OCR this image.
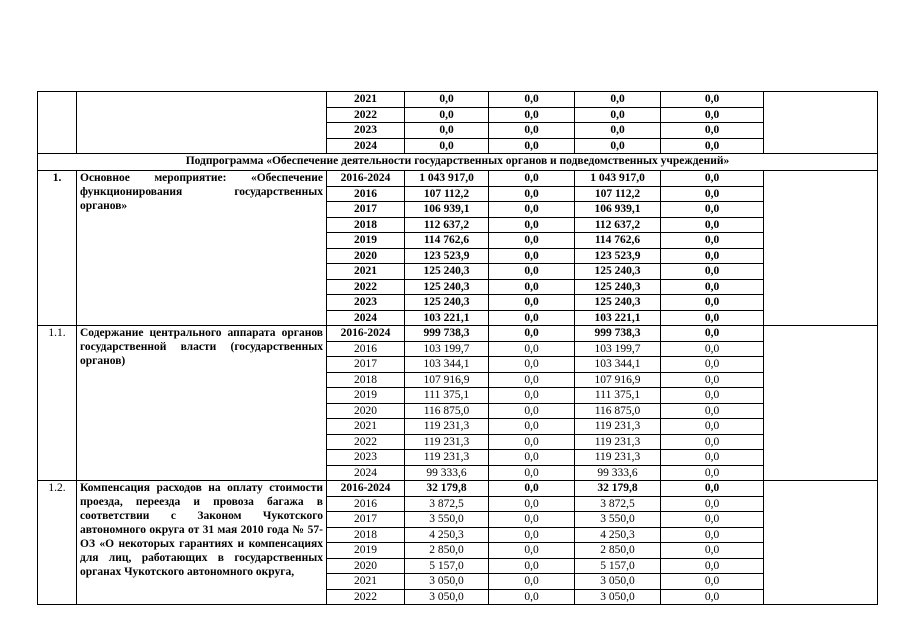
		2021	0,0	0,0	0,0	0,0		
		2022	0,0	0,0	0,0	0,0		
		2023	0,0	0,0	0,0	0,0		
		2024	0,0	0,0	0,0	0,0		
Подпрограмма «Обеспечение деятельности государственных органов и подведомственных учреждений»								
1.	Основное мероприятие: «Обеспечение функционирования государственных органов»	2016-2024	1 043 917,0	0,0	1 043 917,0	0,0		
		2016	107 112,2	0,0	107 112,2	0,0		
		2017	106 939,1	0,0	106 939,1	0,0		
		2018	112 637,2	0,0	112 637,2	0,0		
		2019	114 762,6	0,0	114 762,6	0,0		
		2020	123 523,9	0,0	123 523,9	0,0		
		2021	125 240,3	0,0	125 240,3	0,0		
		2022	125 240,3	0,0	125 240,3	0,0		
		2023	125 240,3	0,0	125 240,3	0,0		
		2024	103 221,1	0,0	103 221,1	0,0		
1.1.	Содержание центрального аппарата органов государственной власти (государственных органов)	2016-2024	999 738,3	0,0	999 738,3	0,0		
		2016	103 199,7	0,0	103 199,7	0,0		
		2017	103 344,1	0,0	103 344,1	0,0		
		2018	107 916,9	0,0	107 916,9	0,0		
		2019	111 375,1	0,0	111 375,1	0,0		
		2020	116 875,0	0,0	116 875,0	0,0		
		2021	119 231,3	0,0	119 231,3	0,0		
		2022	119 231,3	0,0	119 231,3	0,0		
		2023	119 231,3	0,0	119 231,3	0,0		
		2024	99 333,6	0,0	99 333,6	0,0		
1.2.	Компенсация расходов на оплату стоимости проезда, переезда и провоза багажа в соответствии с Законом Чукотского автономного округа от 31 мая 2010 года № 57-ОЗ «О некоторых гарантиях и компенсациях для лиц, работающих в государственных органах Чукотского автономного округа,	2016-2024	32 179,8	0,0	32 179,8	0,0		
		2016	3 872,5	0,0	3 872,5	0,0		
		2017	3 550,0	0,0	3 550,0	0,0		
		2018	4 250,3	0,0	4 250,3	0,0		
		2019	2 850,0	0,0	2 850,0	0,0		
		2020	5 157,0	0,0	5 157,0	0,0		
		2021	3 050,0	0,0	3 050,0	0,0		
		2022	3 050,0	0,0	3 050,0	0,0		
